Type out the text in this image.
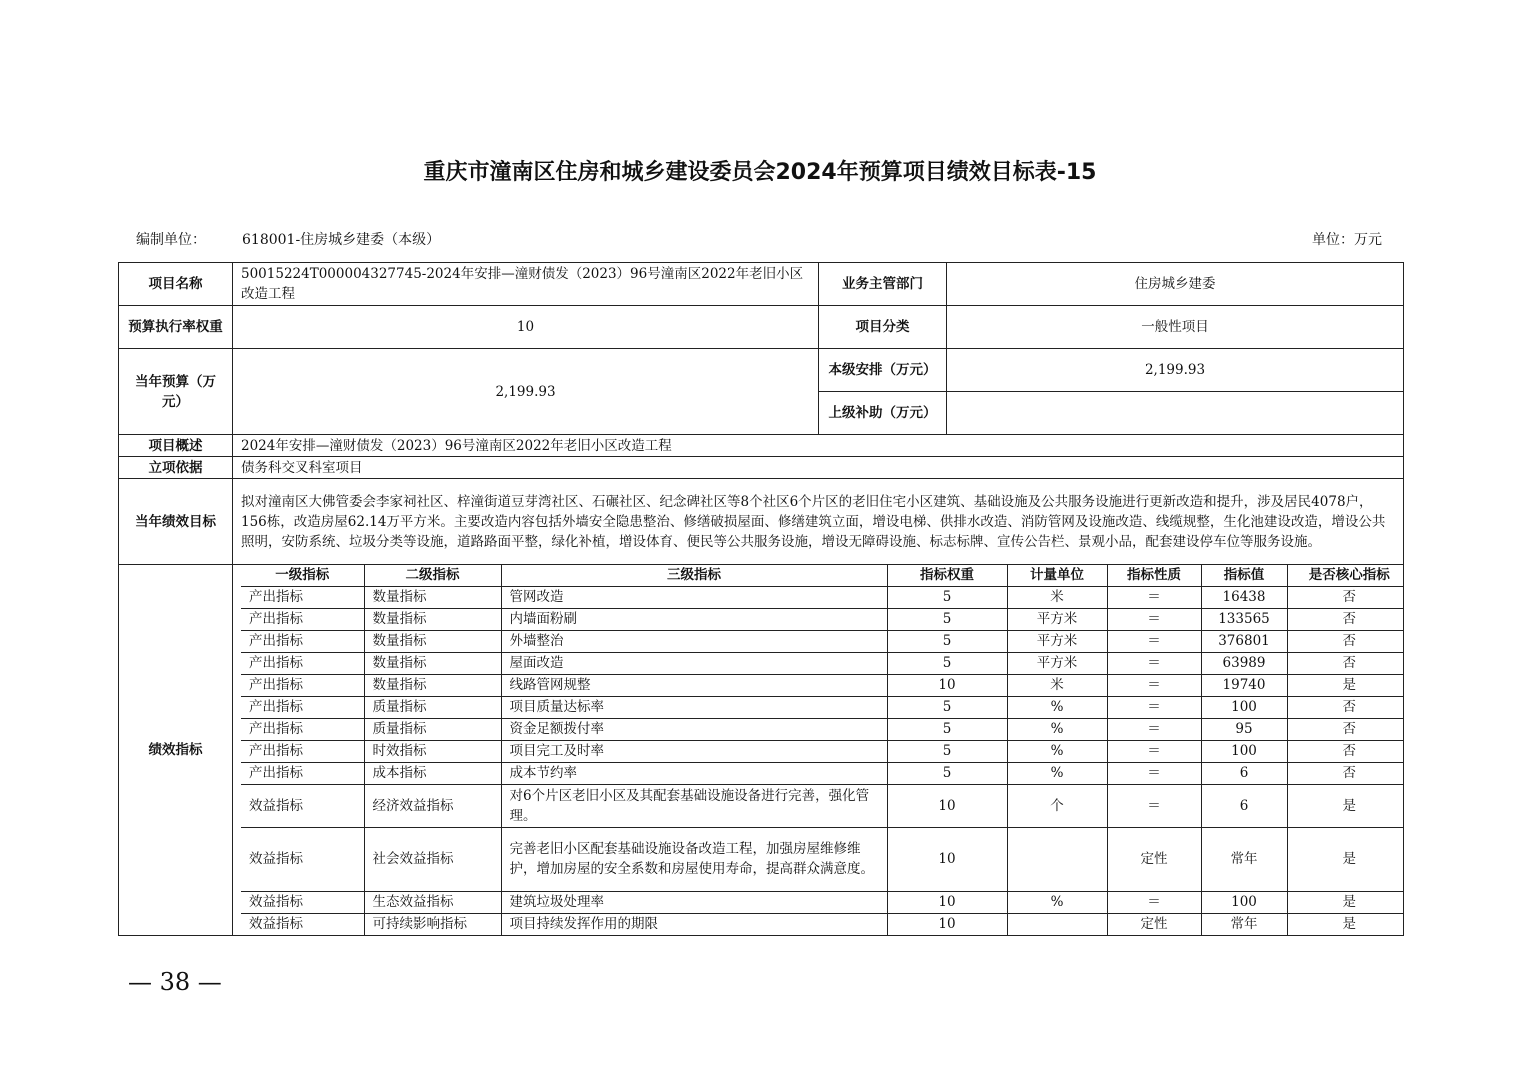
重庆市潼南区住房和城乡建设委员会2024年预算项目绩效目标表-15
编制单位：	618001-住房城乡建委（本级）	单位：万元
项目名称	50015224T000004327745-2024年安排—潼财债发（2023）96号潼南区2022年老旧小区改造工程	业务主管部门	住房城乡建委
预算执行率权重	10	项目分类	一般性项目
当年预算（万元）	2,199.93	本级安排（万元）	2,199.93
上级补助（万元）	
项目概述	2024年安排—潼财债发（2023）96号潼南区2022年老旧小区改造工程
立项依据	债务科交叉科室项目
当年绩效目标	拟对潼南区大佛管委会李家祠社区、梓潼街道豆芽湾社区、石碾社区、纪念碑社区等8个社区6个片区的老旧住宅小区建筑、基础设施及公共服务设施进行更新改造和提升，涉及居民4078户，156栋，改造房屋62.14万平方米。主要改造内容包括外墙安全隐患整治、修缮破损屋面、修缮建筑立面，增设电梯、供排水改造、消防管网及设施改造、线缆规整，生化池建设改造，增设公共照明，安防系统、垃圾分类等设施，道路路面平整，绿化补植，增设体育、便民等公共服务设施，增设无障碍设施、标志标牌、宣传公告栏、景观小品，配套建设停车位等服务设施。
绩效指标	
一级指标	二级指标	三级指标	指标权重	计量单位	指标性质	指标值	是否核心指标
产出指标	数量指标	管网改造	5	米	＝	16438	否
产出指标	数量指标	内墙面粉刷	5	平方米	＝	133565	否
产出指标	数量指标	外墙整治	5	平方米	＝	376801	否
产出指标	数量指标	屋面改造	5	平方米	＝	63989	否
产出指标	数量指标	线路管网规整	10	米	＝	19740	是
产出指标	质量指标	项目质量达标率	5	%	＝	100	否
产出指标	质量指标	资金足额拨付率	5	%	＝	95	否
产出指标	时效指标	项目完工及时率	5	%	＝	100	否
产出指标	成本指标	成本节约率	5	%	＝	6	否
效益指标	经济效益指标	对6个片区老旧小区及其配套基础设施设备进行完善，强化管理。	10	个	＝	6	是
效益指标	社会效益指标	完善老旧小区配套基础设施设备改造工程，加强房屋维修维护，增加房屋的安全系数和房屋使用寿命，提高群众满意度。	10		定性	常年	是
效益指标	生态效益指标	建筑垃圾处理率	10	%	＝	100	是
效益指标	可持续影响指标	项目持续发挥作用的期限	10		定性	常年	是
— 38 —
